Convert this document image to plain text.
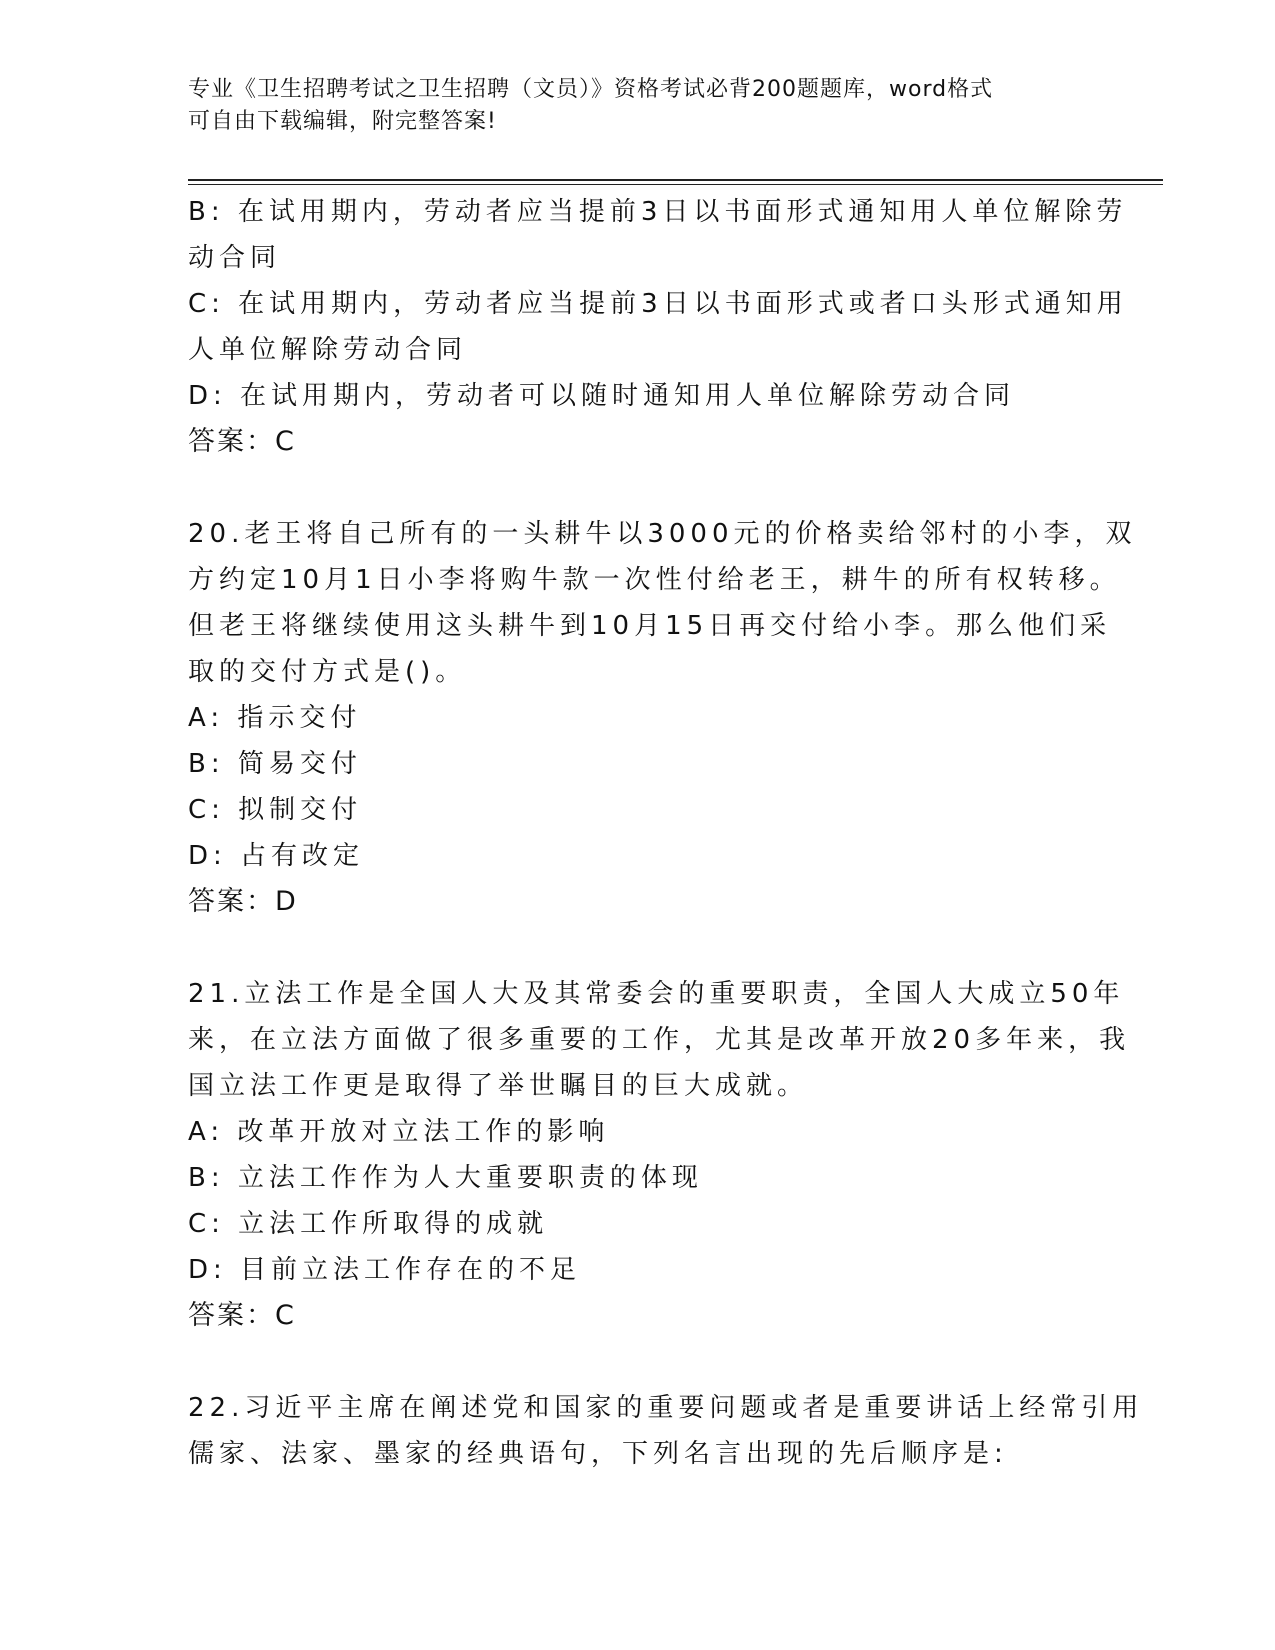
专业《卫生招聘考试之卫生招聘（文员）》资格考试必背200题题库，word格式
可自由下载编辑，附完整答案!
B: 在试用期内，劳动者应当提前3日以书面形式通知用人单位解除劳
动合同
C: 在试用期内，劳动者应当提前3日以书面形式或者口头形式通知用
人单位解除劳动合同
D: 在试用期内，劳动者可以随时通知用人单位解除劳动合同
答案：C
20.老王将自己所有的一头耕牛以3000元的价格卖给邻村的小李，双
方约定10月1日小李将购牛款一次性付给老王，耕牛的所有权转移。
但老王将继续使用这头耕牛到10月15日再交付给小李。那么他们采
取的交付方式是()。
A: 指示交付
B: 简易交付
C: 拟制交付
D: 占有改定
答案：D
21.立法工作是全国人大及其常委会的重要职责，全国人大成立50年
来，在立法方面做了很多重要的工作，尤其是改革开放20多年来，我
国立法工作更是取得了举世瞩目的巨大成就。
A: 改革开放对立法工作的影响
B: 立法工作作为人大重要职责的体现
C: 立法工作所取得的成就
D: 目前立法工作存在的不足
答案：C
22.习近平主席在阐述党和国家的重要问题或者是重要讲话上经常引用
儒家、法家、墨家的经典语句，下列名言出现的先后顺序是:
